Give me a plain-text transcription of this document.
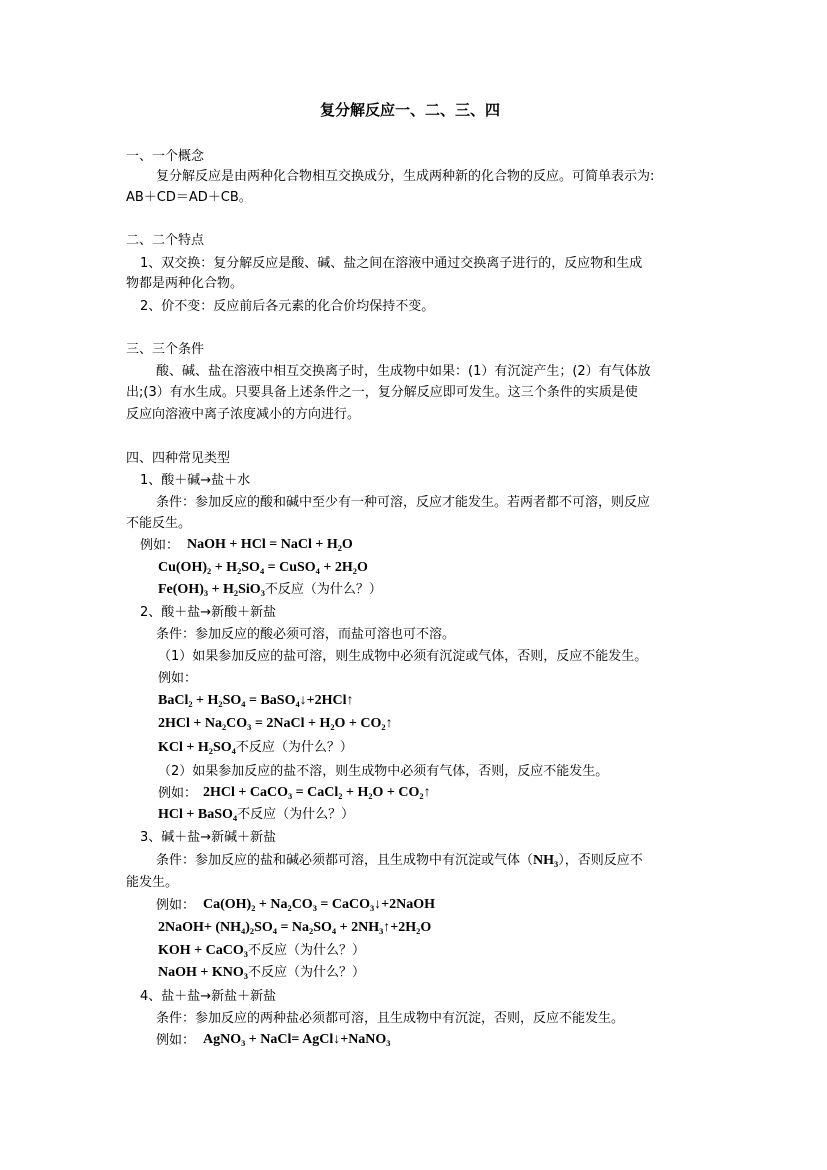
复分解反应一、二、三、四
一、一个概念
复分解反应是由两种化合物相互交换成分，生成两种新的化合物的反应。可简单表示为:
AB＋CD＝AD＋CB。
二、二个特点
1、双交换：复分解反应是酸、碱、盐之间在溶液中通过交换离子进行的，反应物和生成
物都是两种化合物。
2、价不变：反应前后各元素的化合价均保持不变。
三、三个条件
酸、碱、盐在溶液中相互交换离子时，生成物中如果：(1）有沉淀产生；(2）有气体放
出;(3）有水生成。只要具备上述条件之一，复分解反应即可发生。这三个条件的实质是使
反应向溶液中离子浓度减小的方向进行。
四、四种常见类型
1、酸＋碱→盐＋水
条件：参加反应的酸和碱中至少有一种可溶，反应才能发生。若两者都不可溶，则反应
不能反生。
例如： NaOH + HCl = NaCl + H₂O
Cu(OH)₂ + H₂SO₄ = CuSO₄ + 2H₂O
Fe(OH)₃ + H₂SiO₃不反应（为什么？）
2、酸＋盐→新酸＋新盐
条件：参加反应的酸必须可溶，而盐可溶也可不溶。
（1）如果参加反应的盐可溶，则生成物中必须有沉淀或气体，否则，反应不能发生。
例如：
BaCl₂ + H₂SO₄ = BaSO₄↓+2HCl↑
2HCl + Na₂CO₃ = 2NaCl + H₂O + CO₂↑
KCl + H₂SO₄不反应（为什么？）
（2）如果参加反应的盐不溶，则生成物中必须有气体，否则，反应不能发生。
例如： 2HCl + CaCO₃ = CaCl₂ + H₂O + CO₂↑
HCl + BaSO₄不反应（为什么？）
3、碱＋盐→新碱＋新盐
条件：参加反应的盐和碱必须都可溶，且生成物中有沉淀或气体（NH₃），否则反应不
能发生。
例如： Ca(OH)₂ + Na₂CO₃ = CaCO₃↓+2NaOH
2NaOH+ (NH₄)₂SO₄ = Na₂SO₄ + 2NH₃↑+2H₂O
KOH + CaCO₃不反应（为什么？）
NaOH + KNO₃不反应（为什么？）
4、盐＋盐→新盐＋新盐
条件：参加反应的两种盐必须都可溶，且生成物中有沉淀，否则，反应不能发生。
例如： AgNO₃ + NaCl= AgCl↓+NaNO₃
